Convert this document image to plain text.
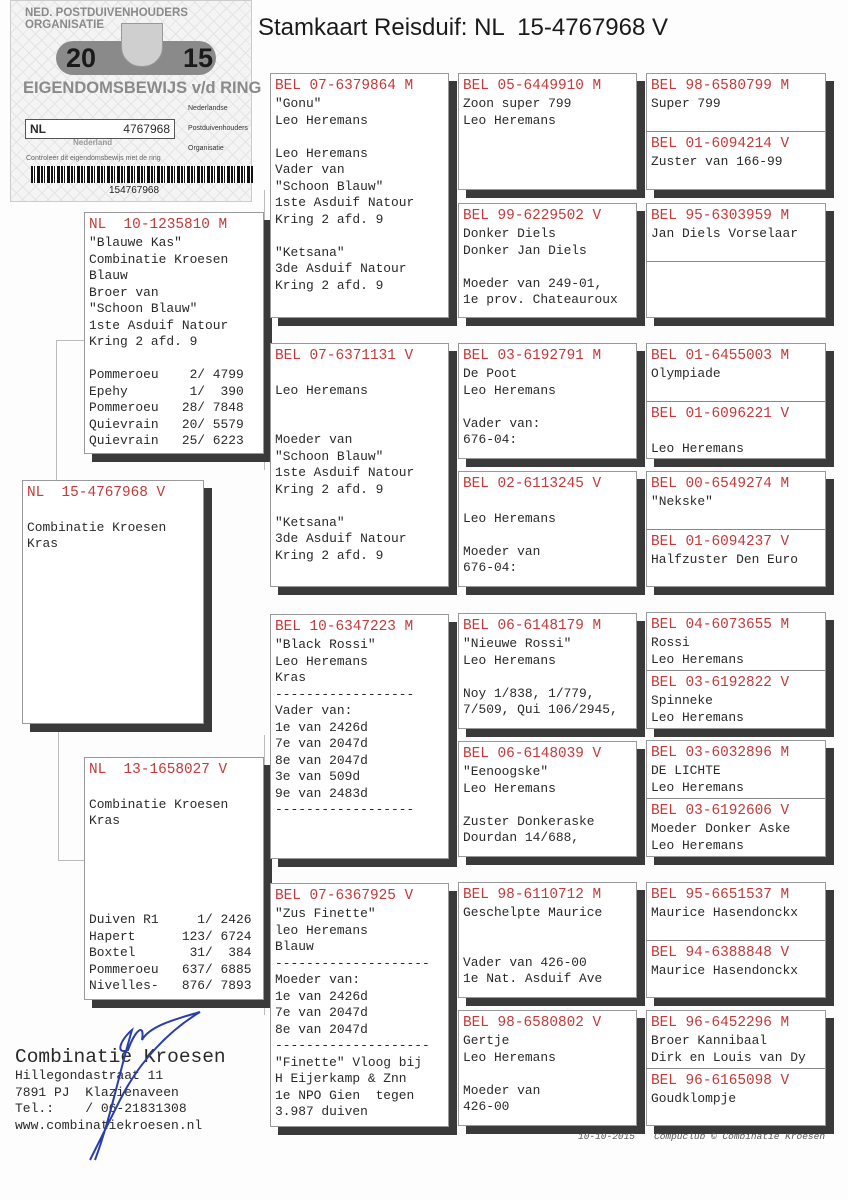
Stamkaart Reisduif: NL  15-4767968 V
NL  15-4767968 V
Combinatie Kroesen
Kras
NL  10-1235810 M
"Blauwe Kas"
Combinatie Kroesen
Blauw
Broer van
"Schoon Blauw"
1ste Asduif Natour
Kring 2 afd. 9
Pommeroeu    2/ 4799
Epehy        1/  390
Pommeroeu   28/ 7848
Quievrain   20/ 5579
Quievrain   25/ 6223
NL  13-1658027 V
Combinatie Kroesen
Kras
Duiven R1     1/ 2426
Hapert      123/ 6724
Boxtel       31/  384
Pommeroeu   637/ 6885
Nivelles-   876/ 7893
BEL 07-6379864 M
"Gonu"
Leo Heremans
Leo Heremans
Vader van
"Schoon Blauw"
1ste Asduif Natour
Kring 2 afd. 9
"Ketsana"
3de Asduif Natour
Kring 2 afd. 9
BEL 07-6371131 V
Leo Heremans
Moeder van
"Schoon Blauw"
1ste Asduif Natour
Kring 2 afd. 9
"Ketsana"
3de Asduif Natour
Kring 2 afd. 9
BEL 10-6347223 M
"Black Rossi"
Leo Heremans
Kras
------------------
Vader van:
1e van 2426d
7e van 2047d
8e van 2047d
3e van 509d
9e van 2483d
------------------
BEL 07-6367925 V
"Zus Finette"
leo Heremans
Blauw
--------------------
Moeder van:
1e van 2426d
7e van 2047d
8e van 2047d
--------------------
"Finette" Vloog bij
H Eijerkamp & Znn
1e NPO Gien  tegen
3.987 duiven
BEL 05-6449910 M
Zoon super 799
Leo Heremans
BEL 99-6229502 V
Donker Diels
Donker Jan Diels
Moeder van 249-01,
1e prov. Chateauroux
BEL 03-6192791 M
De Poot
Leo Heremans
Vader van:
676-04:
BEL 02-6113245 V
Leo Heremans
Moeder van
676-04:
BEL 06-6148179 M
"Nieuwe Rossi"
Leo Heremans
Noy 1/838, 1/779,
7/509, Qui 106/2945,
BEL 06-6148039 V
"Eenoogske"
Leo Heremans
Zuster Donkeraske
Dourdan 14/688,
BEL 98-6110712 M
Geschelpte Maurice
Vader van 426-00
1e Nat. Asduif Ave
BEL 98-6580802 V
Gertje
Leo Heremans
Moeder van
426-00
BEL 98-6580799 M
Super 799
BEL 01-6094214 V
Zuster van 166-99
BEL 95-6303959 M
Jan Diels Vorselaar
BEL 01-6455003 M
Olympiade
BEL 01-6096221 V
Leo Heremans
BEL 00-6549274 M
"Nekske"
BEL 01-6094237 V
Halfzuster Den Euro
BEL 04-6073655 M
Rossi
Leo Heremans
BEL 03-6192822 V
Spinneke
Leo Heremans
BEL 03-6032896 M
DE LICHTE
Leo Heremans
BEL 03-6192606 V
Moeder Donker Aske
Leo Heremans
BEL 95-6651537 M
Maurice Hasendonckx
BEL 94-6388848 V
Maurice Hasendonckx
BEL 96-6452296 M
Broer Kannibaal
Dirk en Louis van Dy
BEL 96-6165098 V
Goudklompje
NED. POSTDUIVENHOUDERS ORGANISATIE
20	15
EIGENDOMSBEWIJS v/d RING
NL	4767968
Nederland
Nederlandse
Postduivenhouders
Organisatie
Controleer dit eigendomsbewijs met de ring
154767968
Combinatie Kroesen
Hillegondastraat 11
7891 PJ  Klazienaveen
Tel.:    / 06-21831308
www.combinatiekroesen.nl
10-10-2015 Compuclub © Combinatie Kroesen
